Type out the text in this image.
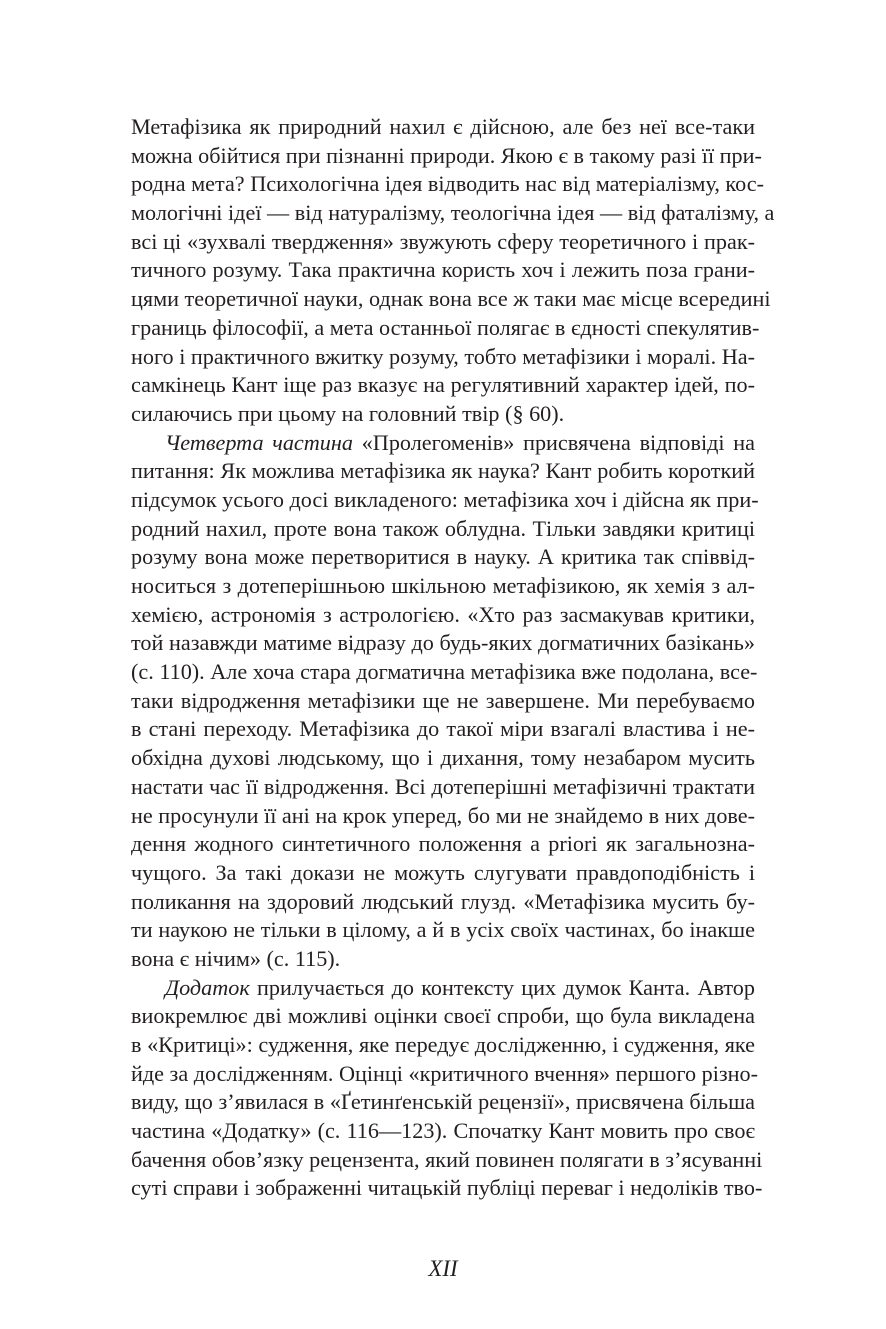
Метафізика як природний нахил є дійсною, але без неї все-таки
можна обійтися при пізнанні природи. Якою є в такому разі її при-
родна мета? Психологічна ідея відводить нас від матеріалізму, кос-
мологічні ідеї — від натуралізму, теологічна ідея — від фаталізму, а
всі ці «зухвалі твердження» звужують сферу теоретичного і прак-
тичного розуму. Така практична користь хоч і лежить поза грани-
цями теоретичної науки, однак вона все ж таки має місце всередині
границь філософії, а мета останньої полягає в єдності спекулятив-
ного і практичного вжитку розуму, тобто метафізики і моралі. На-
самкінець Кант іще раз вказує на регулятивний характер ідей, по-
силаючись при цьому на головний твір (§ 60).
Четверта частина «Пролегоменів» присвячена відповіді на
питання: Як можлива метафізика як наука? Кант робить короткий
підсумок усього досі викладеного: метафізика хоч і дійсна як при-
родний нахил, проте вона також облудна. Тільки завдяки критиці
розуму вона може перетворитися в науку. А критика так співвід-
носиться з дотеперішньою шкільною метафізикою, як хемія з ал-
хемією, астрономія з астрологією. «Хто раз засмакував критики,
той назавжди матиме відразу до будь-яких догматичних базікань»
(с. 110). Але хоча стара догматична метафізика вже подолана, все-
таки відродження метафізики ще не завершене. Ми перебуваємо
в стані переходу. Метафізика до такої міри взагалі властива і не-
обхідна духові людському, що і дихання, тому незабаром мусить
настати час її відродження. Всі дотеперішні метафізичні трактати
не просунули її ані на крок уперед, бо ми не знайдемо в них дове-
дення жодного синтетичного положення a priori як загальнозна-
чущого. За такі докази не можуть слугувати правдоподібність і
поликання на здоровий людський глузд. «Метафізика мусить бу-
ти наукою не тільки в цілому, а й в усіх своїх частинах, бо інакше
вона є нічим» (с. 115).
Додаток прилучається до контексту цих думок Канта. Автор
виокремлює дві можливі оцінки своєї спроби, що була викладена
в «Критиці»: судження, яке передує дослідженню, і судження, яке
йде за дослідженням. Оцінці «критичного вчення» першого різно-
виду, що з’явилася в «Ґетинґенській рецензії», присвячена більша
частина «Додатку» (с. 116—123). Спочатку Кант мовить про своє
бачення обов’язку рецензента, який повинен полягати в з’ясуванні
суті справи і зображенні читацькій публіці переваг і недоліків тво-
XII
